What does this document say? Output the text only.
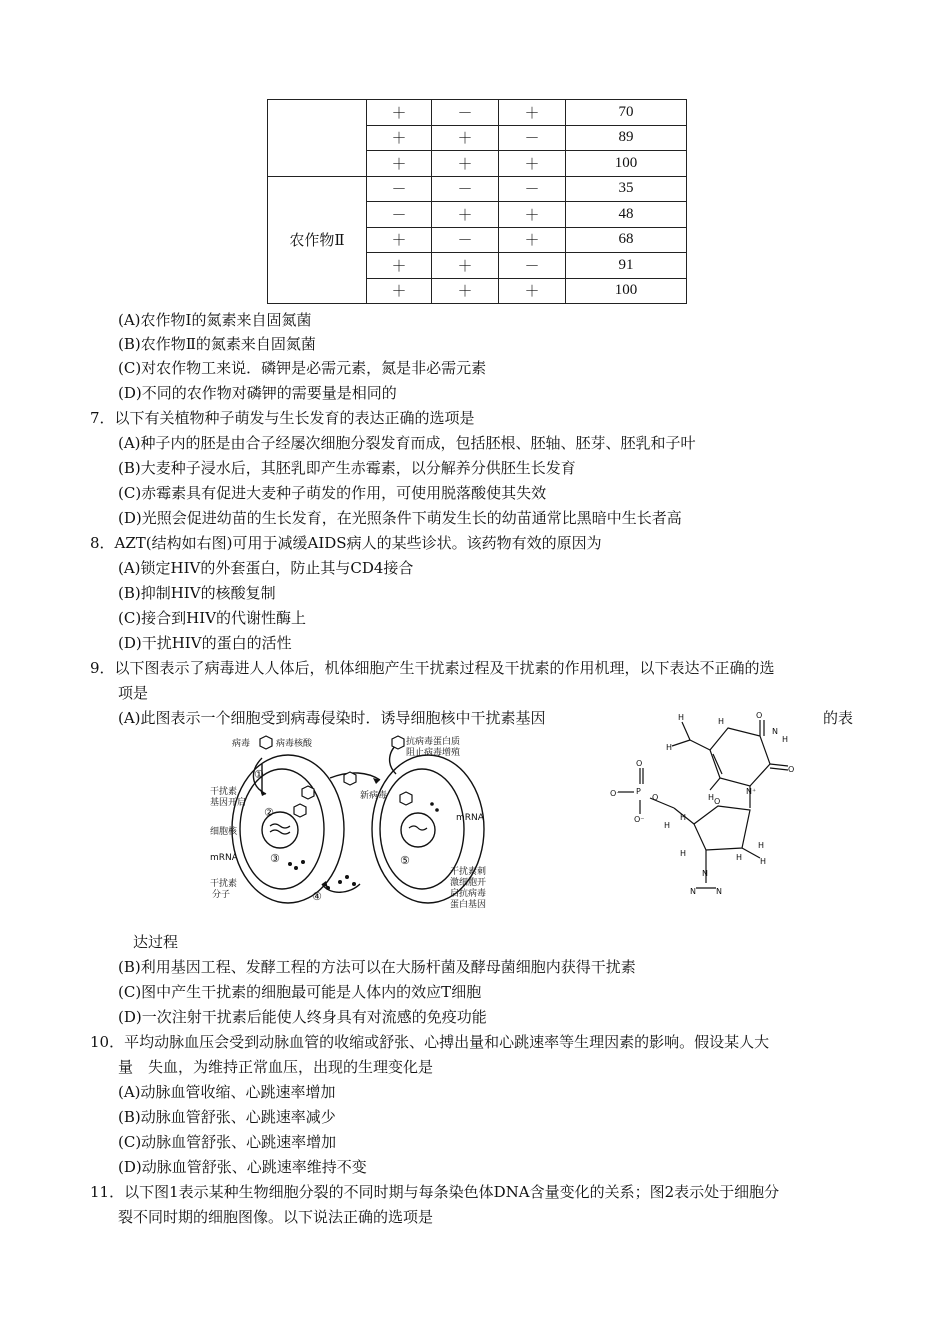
	＋	－	＋	70
	＋	＋	－	89
	＋	＋	＋	100
农作物Ⅱ	－	－	－	35
	－	＋	＋	48
	＋	－	＋	68
	＋	＋	－	91
	＋	＋	＋	100
(A)农作物Ⅰ的氮素来自固氮菌
(B)农作物Ⅱ的氮素来自固氮菌
(C)对农作物工来说．磷钾是必需元素，氮是非必需元素
(D)不同的农作物对磷钾的需要量是相同的
7．以下有关植物种子萌发与生长发育的表达正确的选项是
(A)种子内的胚是由合子经屡次细胞分裂发育而成，包括胚根、胚轴、胚芽、胚乳和子叶
(B)大麦种子浸水后，其胚乳即产生赤霉素，以分解养分供胚生长发育
(C)赤霉素具有促进大麦种子萌发的作用，可使用脱落酸使其失效
(D)光照会促进幼苗的生长发育，在光照条件下萌发生长的幼苗通常比黑暗中生长者高
8．AZT(结构如右图)可用于减缓AIDS病人的某些诊状。该药物有效的原因为
(A)锁定HIV的外套蛋白，防止其与CD4接合
(B)抑制HIV的核酸复制
(C)接合到HIV的代谢性酶上
(D)干扰HIV的蛋白的活性
9．以下图表示了病毒进人人体后，机体细胞产生干扰素过程及干扰素的作用机理，以下表达不正确的选
项是
(A)此图表示一个细胞受到病毒侵染时．诱导细胞核中干扰素基因	的表
病毒	病毒核酸
干扰素
基因开启
细胞核
mRNA
干扰素
分子
抗病毒蛋白质
阻止病毒增殖
新病毒
mRNA
干扰素刺
激细胞开
启抗病毒
蛋白基因
①
②
③
④
⑤
H
H
O
H
H
N
O
H
N⁺
O
O⁻ P
O
O⁻
O
H
H
H
H
H
H
N
N	N
达过程
(B)利用基因工程、发酵工程的方法可以在大肠杆菌及酵母菌细胞内获得干扰素
(C)图中产生干扰素的细胞最可能是人体内的效应T细胞
(D)一次注射干扰素后能使人终身具有对流感的免疫功能
10．平均动脉血压会受到动脉血管的收缩或舒张、心搏出量和心跳速率等生理因素的影响。假设某人大
量　失血，为维持正常血压，出现的生理变化是
(A)动脉血管收缩、心跳速率增加
(B)动脉血管舒张、心跳速率减少
(C)动脉血管舒张、心跳速率增加
(D)动脉血管舒张、心跳速率维持不变
11．以下图1表示某种生物细胞分裂的不同时期与每条染色体DNA含量变化的关系；图2表示处于细胞分
裂不同时期的细胞图像。以下说法正确的选项是
